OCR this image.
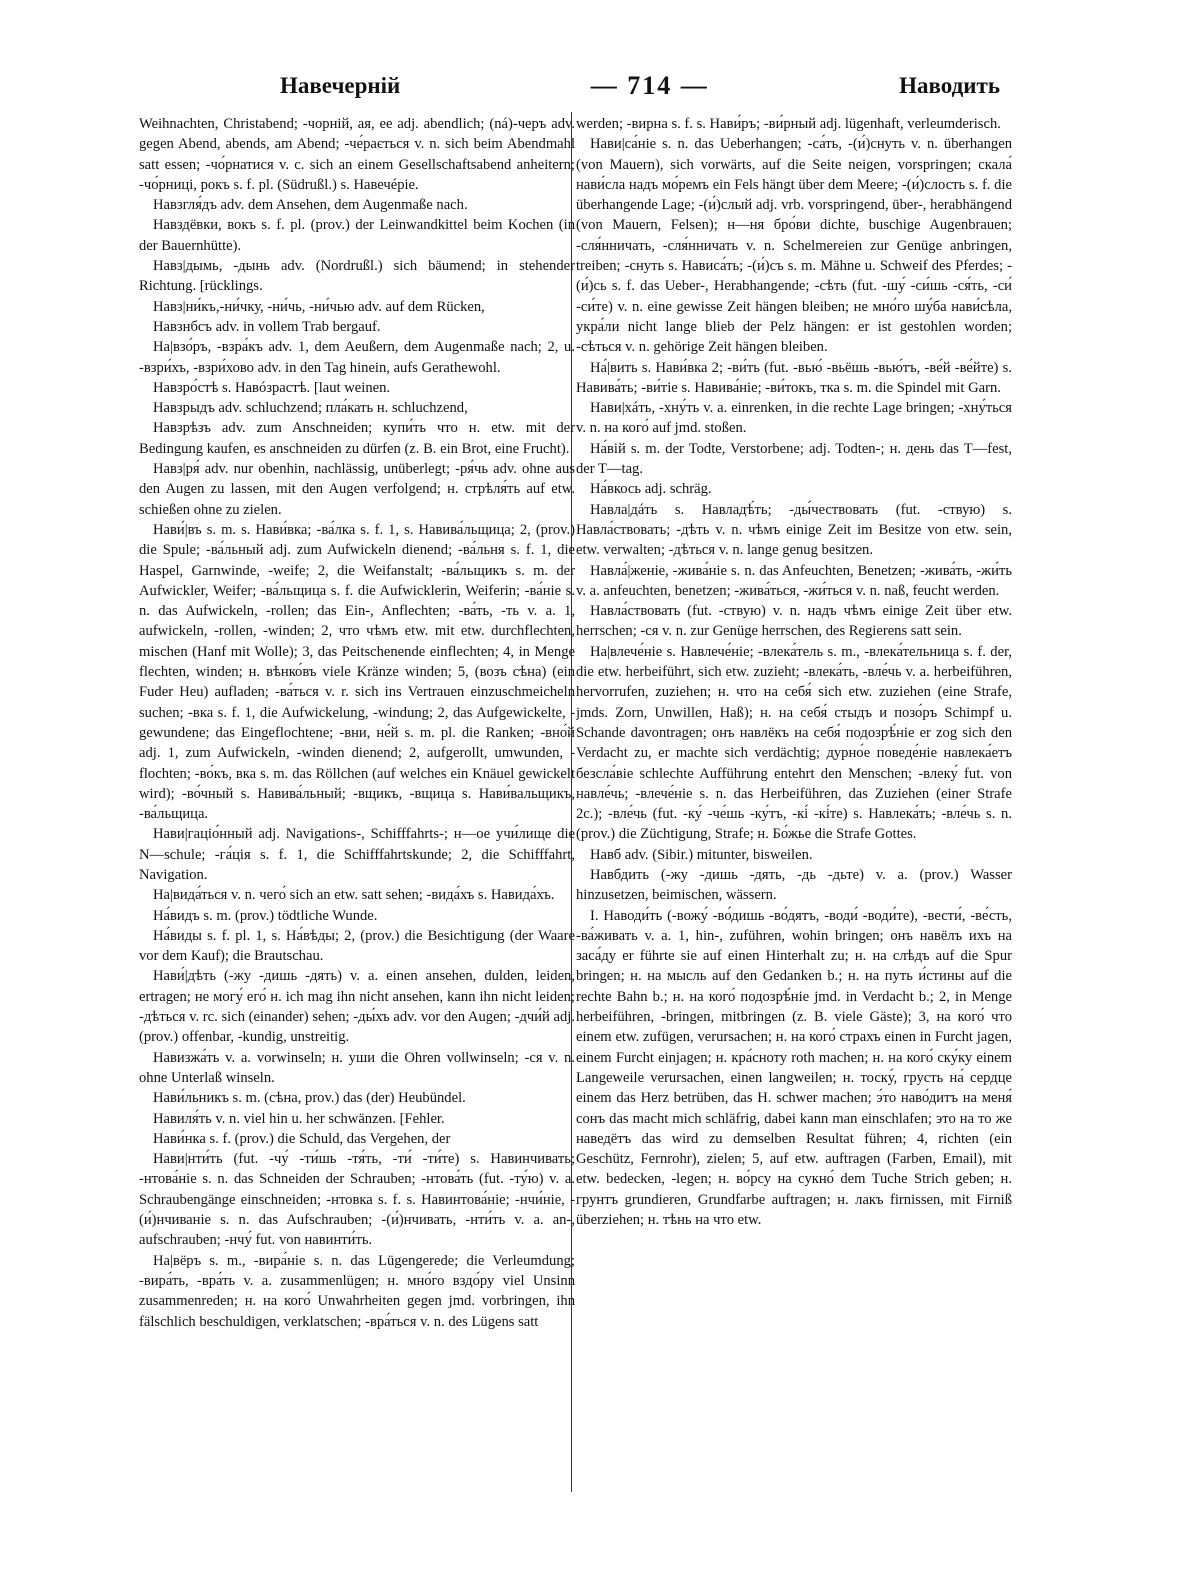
Навечерній	— 714 —	Наводить

Weihnachten, Christabend; -чорній, ая, ее adj. abendlich; (ná)-черъ adv. gegen Abend, abends, am Abend; -че́рається v. n. sich beim Abendmahl satt essen; -чо́рнатися v. c. sich an einem Gesellschaftsabend anheitern; -чо́рниці, рокъ s. f. pl. (Südrußl.) s. Навечéріе.

Навзгля́дъ adv. dem Ansehen, dem Augenmaße nach.

Навздёвки, вокъ s. f. pl. (prov.) der Leinwandkittel beim Kochen (in der Bauernhütte).

Навз|дымь, -дынь adv. (Nordrußl.) sich bäumend; in stehender Richtung. [rücklings.

Навз|ни́къ,-ни́чку, -ни́чь, -ни́чью adv. auf dem Rücken,

Навзнбсъ adv. in vollem Trab bergauf.

На|взо́ръ, -взра́къ adv. 1, dem Aeußern, dem Augenmaße nach; 2, u. -взри́хъ, -взри́хово adv. in den Tag hinein, aufs Gerathewohl.

Навзро́стѣ s. Навóзрастѣ. [laut weinen.

Навзрыдъ adv. schluchzend; пла́кать н. schluchzend,

Навзрѣзъ adv. zum Anschneiden; купи́ть что н. etw. mit der Bedingung kaufen, es anschneiden zu dürfen (z. B. ein Brot, eine Frucht).

Навз|ря́ adv. nur obenhin, nachlässig, unüberlegt; -ря́чь adv. ohne aus den Augen zu lassen, mit den Augen verfolgend; н. стрѣля́ть auf etw. schießen ohne zu zielen.

Нави́|въ s. m. s. Нави́вка; -ва́лка s. f. 1, s. Навива́льщица; 2, (prov.) die Spule; -ва́льный adj. zum Aufwickeln dienend; -ва́льня s. f. 1, die Haspel, Garnwinde, -weife; 2, die Weifanstalt; -ва́льщикъ s. m. der Aufwickler, Weifer; -ва́льщица s. f. die Aufwicklerin, Weiferin; -ва́ніе s. n. das Aufwickeln, -rollen; das Ein-, Anflechten; -ва́ть, -ть v. a. 1, aufwickeln, -rollen, -winden; 2, что чѣмъ etw. mit etw. durchflechten, mischen (Hanf mit Wolle); 3, das Peitschenende einflechten; 4, in Menge flechten, winden; н. вѣнко́въ viele Kränze winden; 5, (возъ сѣна) (ein Fuder Heu) aufladen; -ва́ться v. r. sich ins Vertrauen einzuschmeicheln suchen; -вка s. f. 1, die Aufwickelung, -windung; 2, das Aufgewickelte, -gewundene; das Eingeflochtene; -вни, не́й s. m. pl. die Ranken; -вно́й adj. 1, zum Aufwickeln, -winden dienend; 2, aufgerollt, umwunden, -flochten; -во́къ, вка s. m. das Röllchen (auf welches ein Knäuel gewickelt wird); -во́чный s. Навива́льный; -вщикъ, -вщица s. Нави́вальщикъ, -ва́льщица.

Нави|гаціо́нный adj. Navigations-, Schifffahrts-; н—ое учи́лище die N—schule; -га́ція s. f. 1, die Schifffahrtskunde; 2, die Schifffahrt, Navigation.

На|вида́ться v. n. чего́ sich an etw. satt sehen; -вида́хъ s. Навида́хъ.

На́видъ s. m. (prov.) tödtliche Wunde.

На́виды s. f. pl. 1, s. На́вѣды; 2, (prov.) die Besichtigung (der Waare vor dem Kauf); die Brautschau.

Нави́|дѣть (-жу -дишь -дять) v. a. einen ansehen, dulden, leiden, ertragen; не могу́ его́ н. ich mag ihn nicht ansehen, kann ihn nicht leiden; -дѣться v. rc. sich (einander) sehen; -ды́хъ adv. vor den Augen; -дчи́й adj. (prov.) offenbar, -kundig, unstreitig.

Навизжа́ть v. a. vorwinseln; н. уши die Ohren vollwinseln; -ся v. n. ohne Unterlaß winseln.

Нави́льникъ s. m. (сѣна, prov.) das (der) Heubündel.

Навиля́ть v. n. viel hin u. her schwänzen. [Fehler.

Нави́нка s. f. (prov.) die Schuld, das Vergehen, der

Нави|нти́ть (fut. -чу́ -ти́шь -тя́ть, -ти́ -ти́те) s. Навинчивать; -нтова́ніе s. n. das Schneiden der Schrauben; -нтова́ть (fut. -ту́ю) v. a. Schraubengänge einschneiden; -нтовка s. f. s. Навинтова́ніе; -нчи́ніе, -(и́)нчиваніе s. n. das Aufschrauben; -(и́)нчивать, -нти́ть v. a. an-, aufschrauben; -нчу́ fut. von навинти́ть.

На|вёръ s. m., -вира́ніе s. n. das Lügengerede; die Verleumdung; -вира́ть, -вра́ть v. a. zusammenlügen; н. мно́го вздо́ру viel Unsinn zusammenreden; н. на кого́ Unwahrheiten gegen jmd. vorbringen, ihn fälschlich beschuldigen, verklatschen; -вра́ться v. n. des Lügens satt

werden; -вирна s. f. s. Нави́ръ; -ви́рный adj. lügenhaft, verleumderisch.

Нави|са́ніе s. n. das Ueberhangen; -са́ть, -(и́)снуть v. n. überhangen (von Mauern), sich vorwärts, auf die Seite neigen, vorspringen; скала́ нави́сла надъ мо́ремъ ein Fels hängt über dem Meere; -(и́)слость s. f. die überhangende Lage; -(и́)слый adj. vrb. vorspringend, über-, herabhängend (von Mauern, Felsen); н—ня бро́ви dichte, buschige Augenbrauen; -сля́нничать, -сля́нничать v. n. Schelmereien zur Genüge anbringen, treiben; -снуть s. Нависа́ть; -(и́)съ s. m. Mähne u. Schweif des Pferdes; -(и́)сь s. f. das Ueber-, Herabhangende; -сѣть (fut. -шу́ -си́шь -ся́ть, -си́ -си́те) v. n. eine gewisse Zeit hängen bleiben; не мно́го шу́ба нави́сѣла, укра́ли nicht lange blieb der Pelz hängen: er ist gestohlen worden; -сѣться v. n. gehörige Zeit hängen bleiben.

На́|вить s. Нави́вка 2; -ви́ть (fut. -вью́ -вьёшь -вью́тъ, -ве́й -ве́йте) s. Навива́ть; -ви́тіе s. Навива́ніе; -ви́токъ, тка s. m. die Spindel mit Garn.

Нави|хáть, -хну́ть v. a. einrenken, in die rechte Lage bringen; -хну́ться v. n. на кого́ auf jmd. stoßen.

На́вій s. m. der Todte, Verstorbene; adj. Todten-; н. день das T—fest, der T—tag.

На́вкось adj. schräg.

Навла|дáть s. Навладѣ́ть; -ды́чествовать (fut. -ствую) s. Навла́ствовать; -дѣть v. n. чѣмъ einige Zeit im Besitze von etw. sein, etw. verwalten; -дѣться v. n. lange genug besitzen.

Навла́|женіе, -жива́ніе s. n. das Anfeuchten, Benetzen; -жива́ть, -жи́ть v. a. anfeuchten, benetzen; -жива́ться, -жи́ться v. n. naß, feucht werden.

Навла́ствовать (fut. -ствую) v. n. надъ чѣмъ einige Zeit über etw. herrschen; -ся v. n. zur Genüge herrschen, des Regierens satt sein.

На|влече́ніе s. Навлече́ніе; -влека́тель s. m., -влека́тельница s. f. der, die etw. herbeiführt, sich etw. zuzieht; -влека́ть, -вле́чь v. a. herbeiführen, hervorrufen, zuziehen; н. что на себя́ sich etw. zuziehen (eine Strafe, jmds. Zorn, Unwillen, Haß); н. на себя́ стыдъ и позо́ръ Schimpf u. Schande davontragen; онъ навлёкъ на себя́ подозрѣ́ніе er zog sich den Verdacht zu, er machte sich verdächtig; дурно́е поведе́ніе навлека́етъ безсла́віе schlechte Aufführung entehrt den Menschen; -влеку́ fut. von навле́чь; -влече́ніе s. n. das Herbeiführen, das Zuziehen (einer Strafe 2c.); -вле́чь (fut. -ку́ -че́шь -ку́тъ, -кі́ -кі́те) s. Навлека́ть; -вле́чь s. n. (prov.) die Züchtigung, Strafe; н. Бо́жье die Strafe Gottes.

Навб adv. (Sibir.) mitunter, bisweilen.

Навбдить (-жу -дишь -дять, -дь -дьте) v. a. (prov.) Wasser hinzusetzen, beimischen, wässern.

I. Наводи́ть (-вожу́ -во́дишь -во́дятъ, -води́ -води́те), -вести́, -ве́сть, -ва́живать v. a. 1, hin-, zuführen, wohin bringen; онъ навёлъ ихъ на заса́ду er führte sie auf einen Hinterhalt zu; н. на слѣдъ auf die Spur bringen; н. на мысль auf den Gedanken b.; н. на путь и́стины auf die rechte Bahn b.; н. на кого́ подозрѣ́ніе jmd. in Verdacht b.; 2, in Menge herbeiführen, -bringen, mitbringen (z. B. viele Gäste); 3, на кого́ что einem etw. zufügen, verursachen; н. на кого́ страхъ einen in Furcht jagen, einem Furcht einjagen; н. кра́сноту roth machen; н. на кого́ ску́ку einem Langeweile verursachen, einen langweilen; н. тоску́, грусть на́ сердце einem das Herz betrüben, das H. schwer machen; э́то наво́дитъ на меня́ сонъ das macht mich schläfrig, dabei kann man einschlafen; это на то же наведётъ das wird zu demselben Resultat führen; 4, richten (ein Geschütz, Fernrohr), zielen; 5, auf etw. auftragen (Farben, Email), mit etw. bedecken, -legen; н. во́рсу на сукно́ dem Tuche Strich geben; н. грунтъ grundieren, Grundfarbe auftragen; н. лакъ firnissen, mit Firniß überziehen; н. тѣнь на что etw.
